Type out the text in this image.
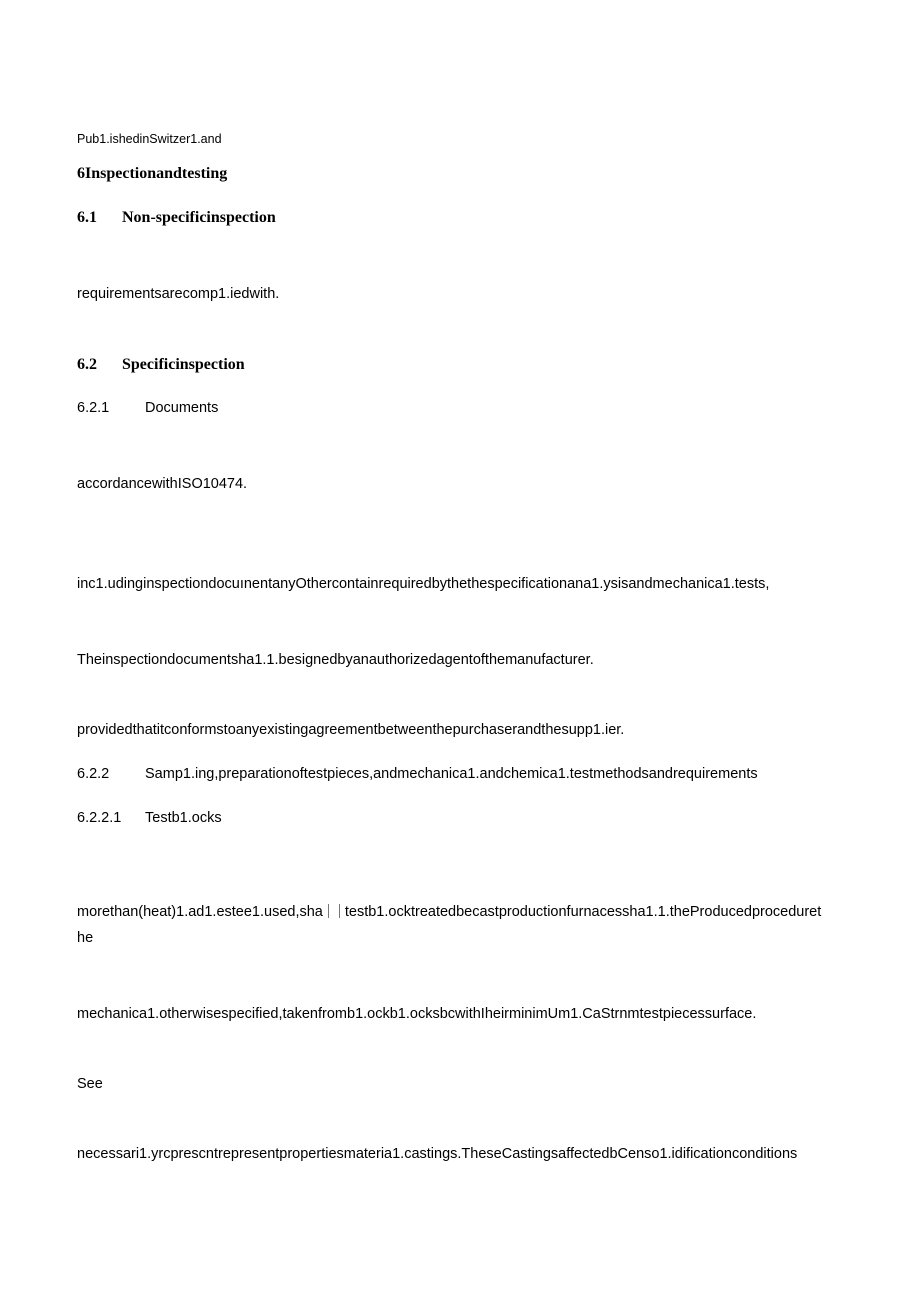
Pub1.ishedinSwitzer1.and
6Inspectionandtesting
6.1 Non-specificinspection
requirementsarecomp1.iedwith.
6.2 Specificinspection
6.2.1 Documents
accordancewithISO10474.
inc1.udinginspectiondocuınentanyOthercontainrequiredbythethespecificationana1.ysisandmechanica1.tests,
Theinspectiondocumentsha1.1.besignedbyanauthorizedagentofthemanufacturer.
providedthatitconformstoanyexistingagreementbetweenthepurchaserandthesupp1.ier.
6.2.2 Samp1.ing,preparationoftestpieces,andmechanica1.andchemica1.testmethodsandrequirements
6.2.2.1 Testb1.ocks
morethan(heat)1.ad1.estee1.used,sha testb1.ocktreatedbecastproductionfurnacessha1.1.theProducedproceduret
he
mechanica1.otherwisespecified,takenfromb1.ockb1.ocksbcwithIheirminimUm1.CaStrnmtestpiecessurface.
See
necessari1.yrcprescntrepresentpropertiesmateria1.castings.TheseCastingsaffectedbCenso1.idificationconditions
